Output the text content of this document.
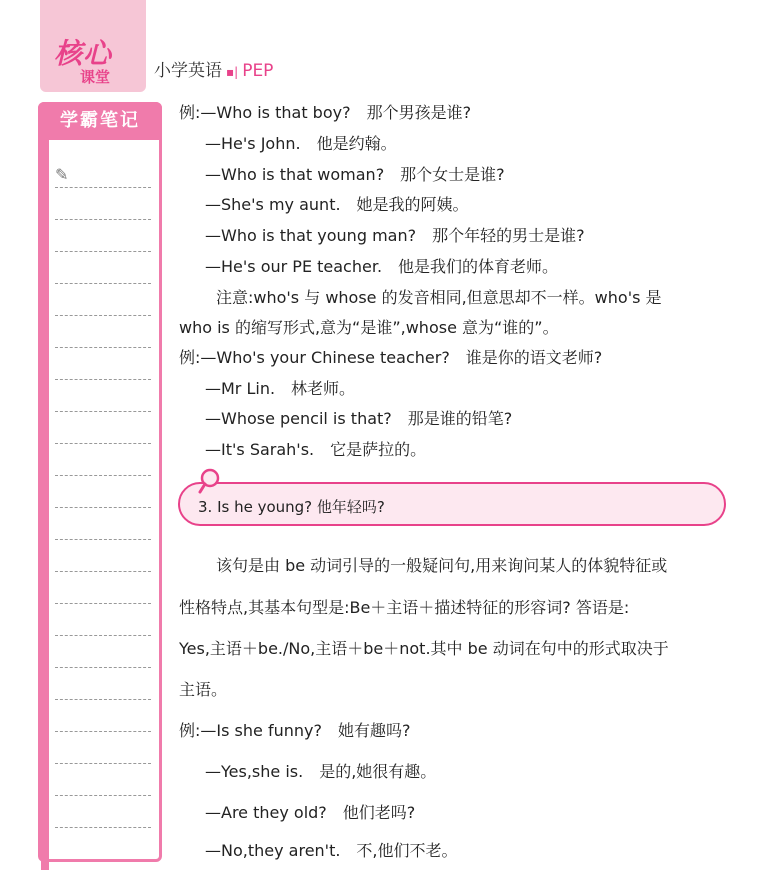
核心
课堂	小学英语 ▪| PEP
学霸笔记
✎
例:—Who is that boy?　那个男孩是谁?
—He's John.　他是约翰。
—Who is that woman?　那个女士是谁?
—She's my aunt.　她是我的阿姨。
—Who is that young man?　那个年轻的男士是谁?
—He's our PE teacher.　他是我们的体育老师。
注意:who's 与 whose 的发音相同,但意思却不一样。who's 是
who is 的缩写形式,意为“是谁”,whose 意为“谁的”。
例:—Who's your Chinese teacher?　谁是你的语文老师?
—Mr Lin.　林老师。
—Whose pencil is that?　那是谁的铅笔?
—It's Sarah's.　它是萨拉的。
3. Is he young? 他年轻吗?
该句是由 be 动词引导的一般疑问句,用来询问某人的体貌特征或
性格特点,其基本句型是:Be＋主语＋描述特征的形容词? 答语是:
Yes,主语＋be./No,主语＋be＋not.其中 be 动词在句中的形式取决于
主语。
例:—Is she funny?　她有趣吗?
—Yes,she is.　是的,她很有趣。
—Are they old?　他们老吗?
—No,they aren't.　不,他们不老。
